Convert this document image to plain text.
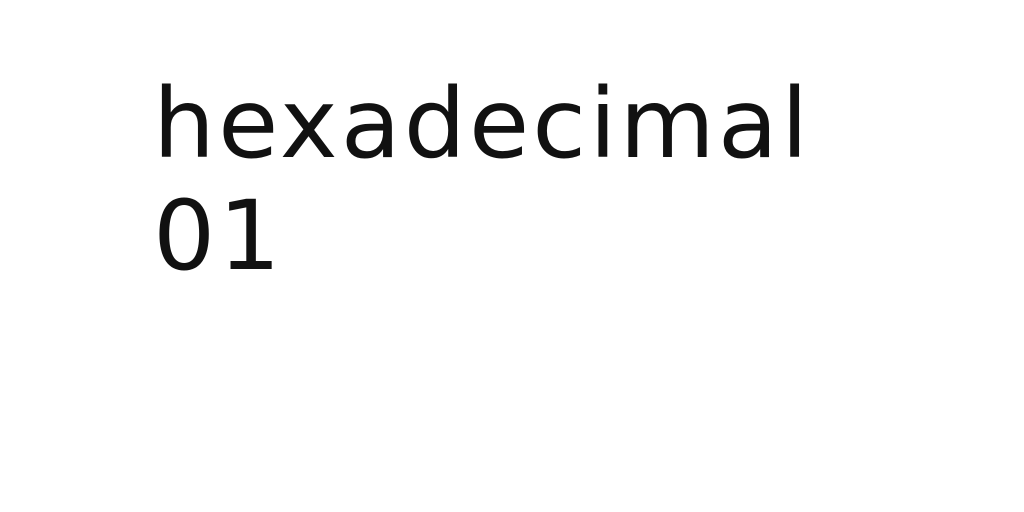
hexadecimal
01
